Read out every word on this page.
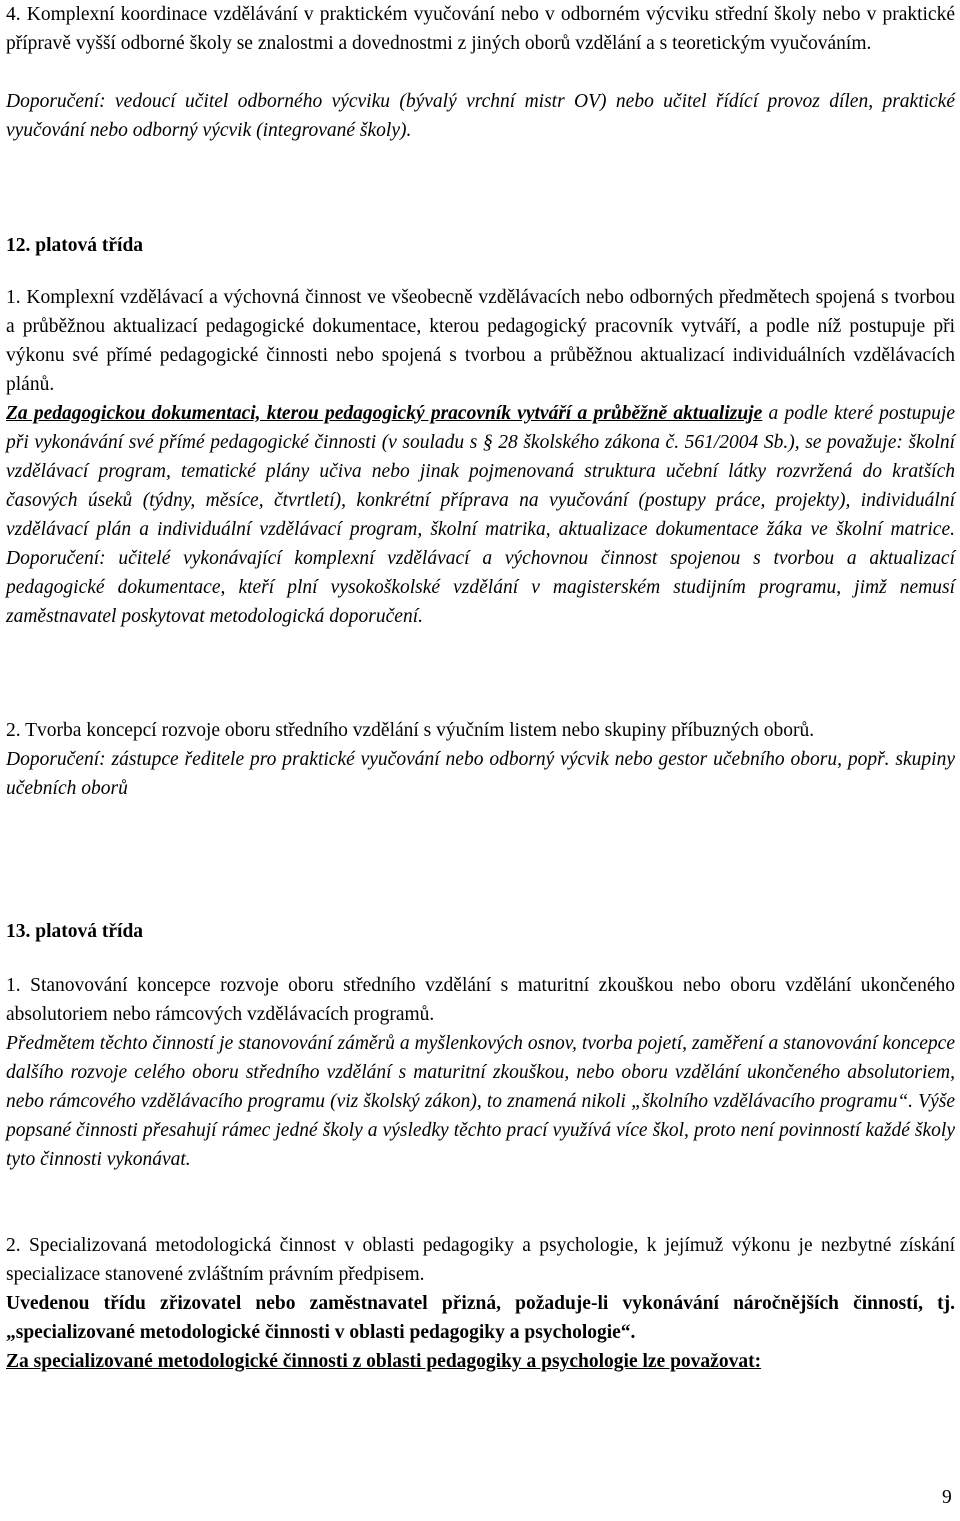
4. Komplexní koordinace vzdělávání v praktickém vyučování nebo v odborném výcviku střední školy nebo v praktické přípravě vyšší odborné školy se znalostmi a dovednostmi z jiných oborů vzdělání a s teoretickým vyučováním.

Doporučení: vedoucí učitel odborného výcviku (bývalý vrchní mistr OV) nebo učitel řídící provoz dílen, praktické vyučování nebo odborný výcvik (integrované školy).

12. platová třída

1. Komplexní vzdělávací a výchovná činnost ve všeobecně vzdělávacích nebo odborných předmětech spojená s tvorbou a průběžnou aktualizací pedagogické dokumentace, kterou pedagogický pracovník vytváří, a podle níž postupuje při výkonu své přímé pedagogické činnosti nebo spojená s tvorbou a průběžnou aktualizací individuálních vzdělávacích plánů.

Za pedagogickou dokumentaci, kterou pedagogický pracovník vytváří a průběžně aktualizuje a podle které postupuje při vykonávání své přímé pedagogické činnosti (v souladu s § 28 školského zákona č. 561/2004 Sb.), se považuje: školní vzdělávací program, tematické plány učiva nebo jinak pojmenovaná struktura učební látky rozvržená do kratších časových úseků (týdny, měsíce, čtvrtletí), konkrétní příprava na vyučování (postupy práce, projekty), individuální vzdělávací plán a individuální vzdělávací program, školní matrika, aktualizace dokumentace žáka ve školní matrice. Doporučení: učitelé vykonávající komplexní vzdělávací a výchovnou činnost spojenou s tvorbou a aktualizací pedagogické dokumentace, kteří plní vysokoškolské vzdělání v magisterském studijním programu, jimž nemusí zaměstnavatel poskytovat metodologická doporučení.

2. Tvorba koncepcí rozvoje oboru středního vzdělání s výučním listem nebo skupiny příbuzných oborů.

Doporučení: zástupce ředitele pro praktické vyučování nebo odborný výcvik nebo gestor učebního oboru, popř. skupiny učebních oborů

13. platová třída

1. Stanovování koncepce rozvoje oboru středního vzdělání s maturitní zkouškou nebo oboru vzdělání ukončeného absolutoriem nebo rámcových vzdělávacích programů.

Předmětem těchto činností je stanovování záměrů a myšlenkových osnov, tvorba pojetí, zaměření a stanovování koncepce dalšího rozvoje celého oboru středního vzdělání s maturitní zkouškou, nebo oboru vzdělání ukončeného absolutoriem, nebo rámcového vzdělávacího programu (viz školský zákon), to znamená nikoli „školního vzdělávacího programu“. Výše popsané činnosti přesahují rámec jedné školy a výsledky těchto prací využívá více škol, proto není povinností každé školy tyto činnosti vykonávat.

2. Specializovaná metodologická činnost v oblasti pedagogiky a psychologie, k jejímuž výkonu je nezbytné získání specializace stanovené zvláštním právním předpisem.

Uvedenou třídu zřizovatel nebo zaměstnavatel přizná, požaduje-li vykonávání náročnějších činností, tj. „specializované metodologické činnosti v oblasti pedagogiky a psychologie“.

Za specializované metodologické činnosti z oblasti pedagogiky a psychologie lze považovat:

9
